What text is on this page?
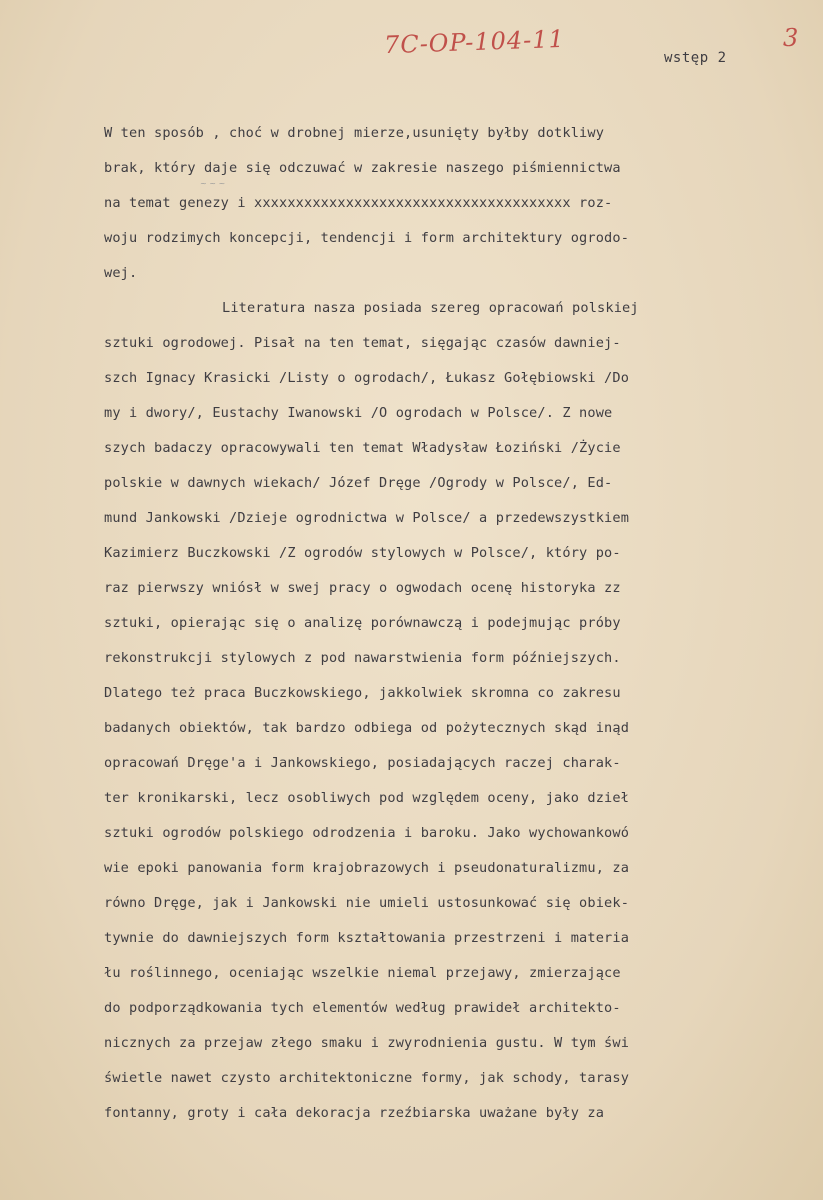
7C-OP-104-11	wstęp 2
3
~ ~ ~
W ten sposób , choć w drobnej mierze,usunięty byłby dotkliwy
brak, który daje się odczuwać w zakresie naszego piśmiennictwa
na temat genezy i xxxxxxxxxxxxxxxxxxxxxxxxxxxxxxxxxxxxxx roz-
woju rodzimych koncepcji, tendencji i form architektury ogrodo-
wej.
Literatura nasza posiada szereg opracowań polskiej
sztuki ogrodowej. Pisał na ten temat, sięgając czasów dawniej-
szch Ignacy Krasicki /Listy o ogrodach/, Łukasz Gołębiowski /Do
my i dwory/, Eustachy Iwanowski /O ogrodach w Polsce/. Z nowe
szych badaczy opracowywali ten temat Władysław Łoziński /Życie
polskie w dawnych wiekach/ Józef Dręge /Ogrody w Polsce/, Ed-
mund Jankowski /Dzieje ogrodnictwa w Polsce/ a przedewszystkiem
Kazimierz Buczkowski /Z ogrodów stylowych w Polsce/, który po-
raz pierwszy wniósł w swej pracy o ogwodach ocenę historyka zz
sztuki, opierając się o analizę porównawczą i podejmując próby
rekonstrukcji stylowych z pod nawarstwienia form późniejszych.
Dlatego też praca Buczkowskiego, jakkolwiek skromna co zakresu
badanych obiektów, tak bardzo odbiega od pożytecznych skąd inąd
opracowań Dręge'a i Jankowskiego, posiadających raczej charak-
ter kronikarski, lecz osobliwych pod względem oceny, jako dzieł
sztuki ogrodów polskiego odrodzenia i baroku. Jako wychowankowó
wie epoki panowania form krajobrazowych i pseudonaturalizmu, za
równo Dręge, jak i Jankowski nie umieli ustosunkować się obiek-
tywnie do dawniejszych form kształtowania przestrzeni i materia
łu roślinnego, oceniając wszelkie niemal przejawy, zmierzające
do podporządkowania tych elementów według prawideł architekto-
nicznych za przejaw złego smaku i zwyrodnienia gustu. W tym świ
świetle nawet czysto architektoniczne formy, jak schody, tarasy
fontanny, groty i cała dekoracja rzeźbiarska uważane były za
